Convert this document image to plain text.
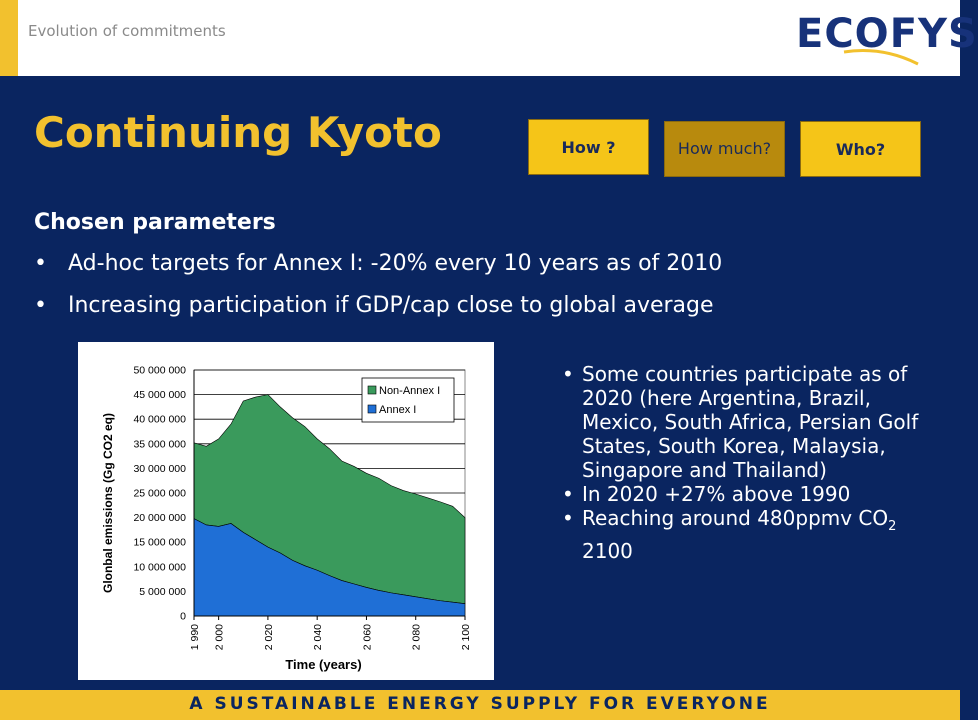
Evolution of commitments	ECOFYS
Continuing Kyoto	How ?	How much?	Who?
Chosen parameters
• Ad-hoc targets for Annex I: -20% every 10 years as of 2010
• Increasing participation if GDP/cap close to global average
0
5 000 000
10 000 000
15 000 000
20 000 000
25 000 000
30 000 000
35 000 000
40 000 000
45 000 000
50 000 000
1 990 2 000	2 020	2 040	2 060	2 080	2 100
Time (years)
Glonbal emissions (Gg CO2 eq)
Non-Annex I
Annex I
• Some countries participate as of 2020 (here Argentina, Brazil, Mexico, South Africa, Persian Golf States, South Korea, Malaysia, Singapore and Thailand)
• In 2020 +27% above 1990
• Reaching around 480ppmv $CO_2$ 2100
A SUSTAINABLE ENERGY SUPPLY FOR EVERYONE
